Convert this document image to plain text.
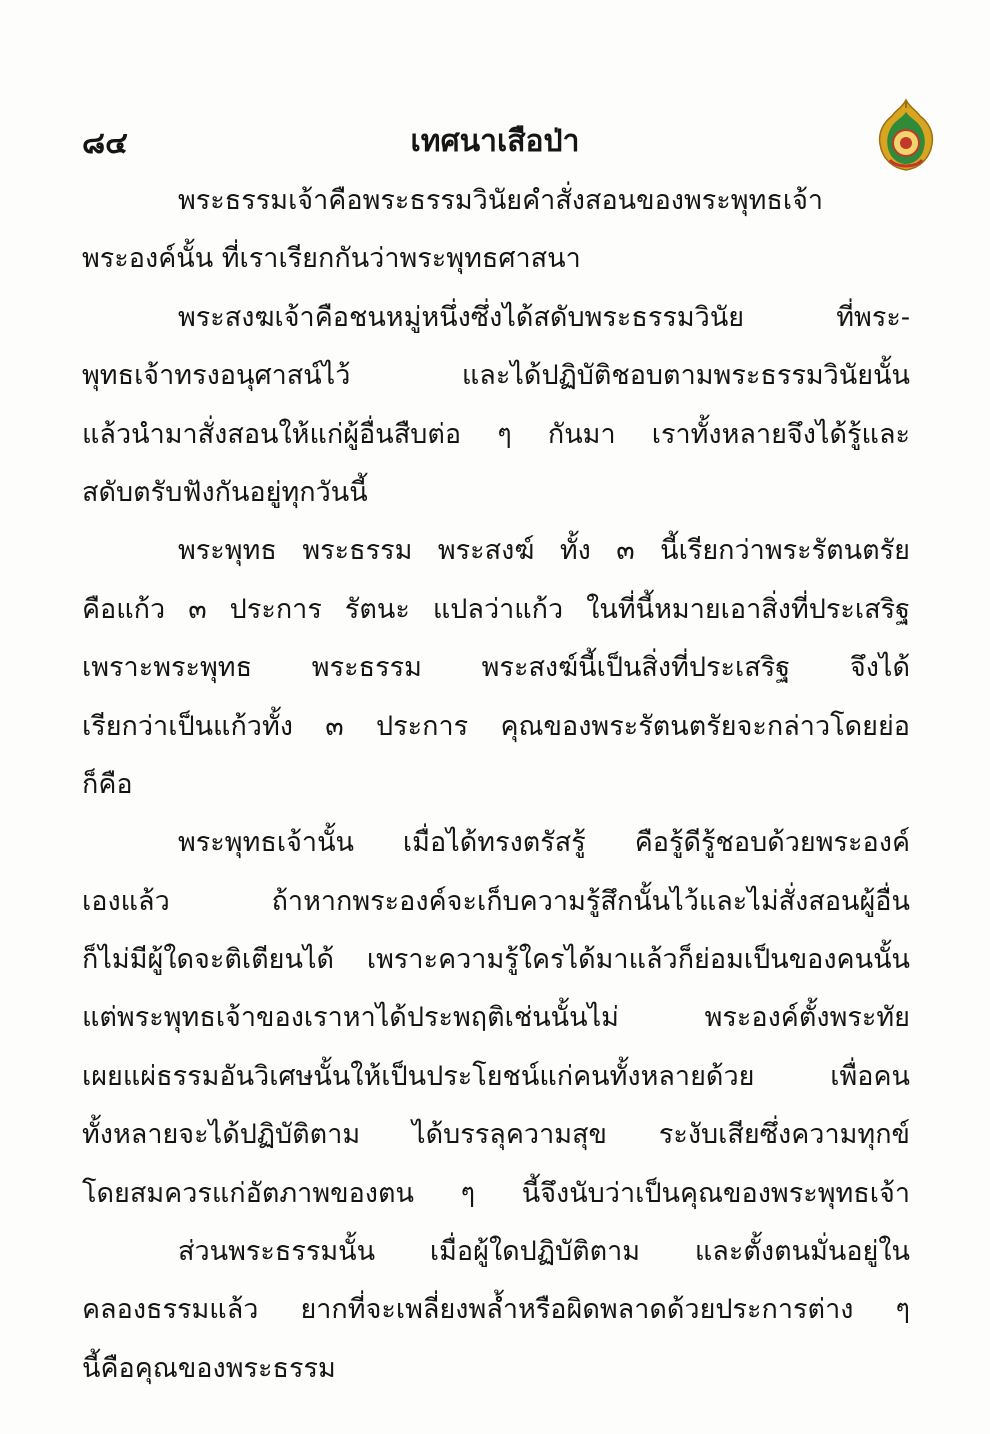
๘๔	เทศนาเสือป่า
พระธรรมเจ้าคือพระธรรมวินัยคำสั่งสอนของพระพุทธเจ้า
พระองค์นั้น ที่เราเรียกกันว่าพระพุทธศาสนา
พระสงฆเจ้าคือชนหมู่หนึ่งซึ่งได้สดับพระธรรมวินัย ที่พระ-
พุทธเจ้าทรงอนุศาสน์ไว้ และได้ปฏิบัติชอบตามพระธรรมวินัยนั้น
แล้วนำมาสั่งสอนให้แก่ผู้อื่นสืบต่อ ๆ กันมา เราทั้งหลายจึงได้รู้และ
สดับตรับฟังกันอยู่ทุกวันนี้
พระพุทธ พระธรรม พระสงฆ์ ทั้ง ๓ นี้เรียกว่าพระรัตนตรัย
คือแก้ว ๓ ประการ รัตนะ แปลว่าแก้ว ในที่นี้หมายเอาสิ่งที่ประเสริฐ
เพราะพระพุทธ พระธรรม พระสงฆ์นี้เป็นสิ่งที่ประเสริฐ จึงได้
เรียกว่าเป็นแก้วทั้ง ๓ ประการ คุณของพระรัตนตรัยจะกล่าวโดยย่อ
ก็คือ
พระพุทธเจ้านั้น เมื่อได้ทรงตรัสรู้ คือรู้ดีรู้ชอบด้วยพระองค์
เองแล้ว ถ้าหากพระองค์จะเก็บความรู้สึกนั้นไว้และไม่สั่งสอนผู้อื่น
ก็ไม่มีผู้ใดจะติเตียนได้ เพราะความรู้ใครได้มาแล้วก็ย่อมเป็นของคนนั้น
แต่พระพุทธเจ้าของเราหาได้ประพฤติเช่นนั้นไม่ พระองค์ตั้งพระทัย
เผยแผ่ธรรมอันวิเศษนั้นให้เป็นประโยชน์แก่คนทั้งหลายด้วย เพื่อคน
ทั้งหลายจะได้ปฏิบัติตาม ได้บรรลุความสุข ระงับเสียซึ่งความทุกข์
โดยสมควรแก่อัตภาพของตน ๆ นี้จึงนับว่าเป็นคุณของพระพุทธเจ้า
ส่วนพระธรรมนั้น เมื่อผู้ใดปฏิบัติตาม และตั้งตนมั่นอยู่ใน
คลองธรรมแล้ว ยากที่จะเพลี่ยงพล้ำหรือผิดพลาดด้วยประการต่าง ๆ
นี้คือคุณของพระธรรม
